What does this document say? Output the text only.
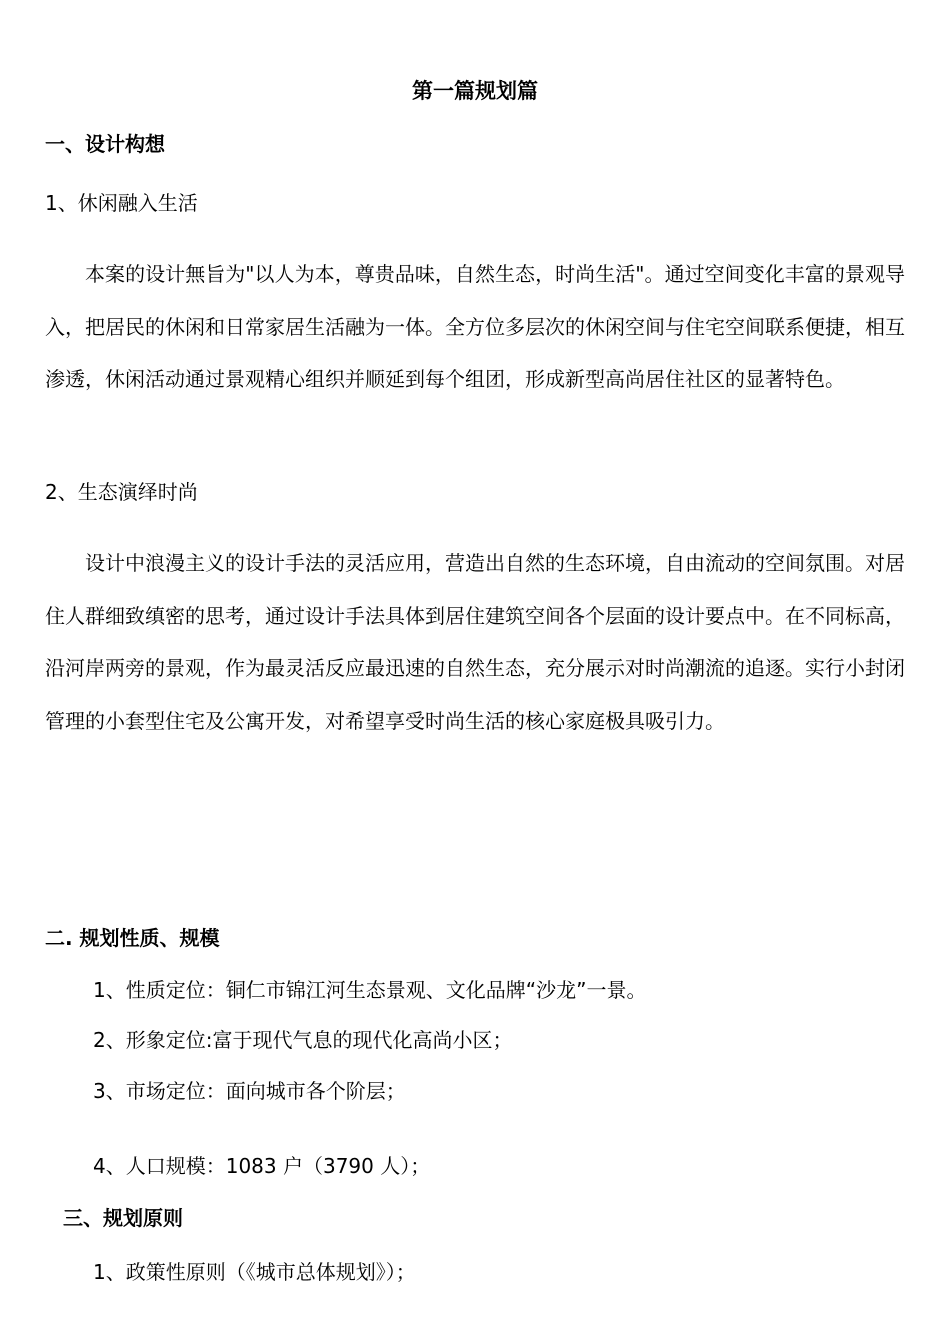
第一篇规划篇
一、设计构想
1、休闲融入生活

本案的设计無旨为"以人为本，尊贵品味，自然生态，时尚生活"。通过空间变化丰富的景观导入，把居民的休闲和日常家居生活融为一体。全方位多层次的休闲空间与住宅空间联系便捷，相互渗透，休闲活动通过景观精心组织并顺延到每个组团，形成新型高尚居住社区的显著特色。

2、生态演绎时尚

设计中浪漫主义的设计手法的灵活应用，营造出自然的生态环境，自由流动的空间氛围。对居住人群细致缜密的思考，通过设计手法具体到居住建筑空间各个层面的设计要点中。在不同标高，沿河岸两旁的景观，作为最灵活反应最迅速的自然生态，充分展示对时尚潮流的追逐。实行小封闭管理的小套型住宅及公寓开发，对希望享受时尚生活的核心家庭极具吸引力。

二. 规划性质、规模
1、性质定位：铜仁市锦江河生态景观、文化品牌“沙龙”一景。
2、形象定位:富于现代气息的现代化高尚小区；
3、市场定位：面向城市各个阶层；
4、人口规模：1083 户（3790 人）；
三、规划原则
1、政策性原则（《城市总体规划》）；
